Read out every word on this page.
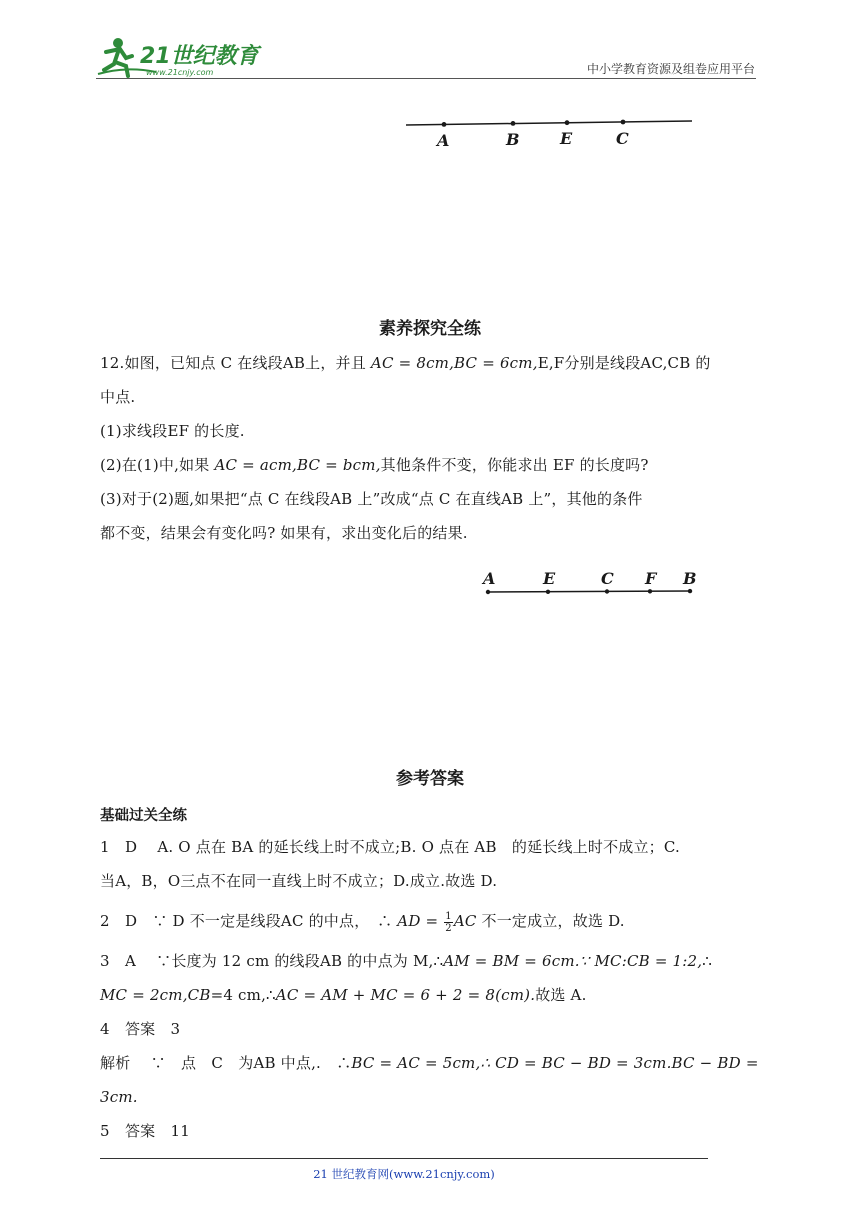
21世纪教育
www.21cnjy.com	中小学教育资源及组卷应用平台
A	B	E	C
素养探究全练
12.如图，已知点 C 在线段AB上，并且 AC = 8cm,BC = 6cm,E,F分别是线段AC,CB 的
中点.
(1)求线段EF 的长度.
(2)在(1)中,如果 AC = acm,BC = bcm,其他条件不变，你能求出 EF 的长度吗?
(3)对于(2)题,如果把“点 C 在线段AB 上”改成“点 C 在直线AB 上”，其他的条件
都不变，结果会有变化吗? 如果有，求出变化后的结果.
A	E	C F B
参考答案
基础过关全练
1　D　 A. O 点在 BA 的延长线上时不成立;B. O 点在 AB　的延长线上时不成立；C.
当A，B，O三点不在同一直线上时不成立；D.成立.故选 D.
2　D　∵ D 不一定是线段AC 的中点，　∴ AD = $\frac{1}{2}$ AC 不一定成立，故选 D.
3　A　 ∵长度为 12 cm 的线段AB 的中点为 M,∴AM = BM = 6cm.∵ MC:CB = 1:2,∴
MC = 2cm,CB=4 cm,∴AC = AM + MC = 6 + 2 = 8(cm).故选 A.
4　答案　3
解析　 ∵　点　C　为AB 中点,.　∴BC = AC = 5cm,∴ CD = BC − BD = 3cm.BC − BD =
3cm.
5　答案　11
21 世纪教育网(www.21cnjy.com)
